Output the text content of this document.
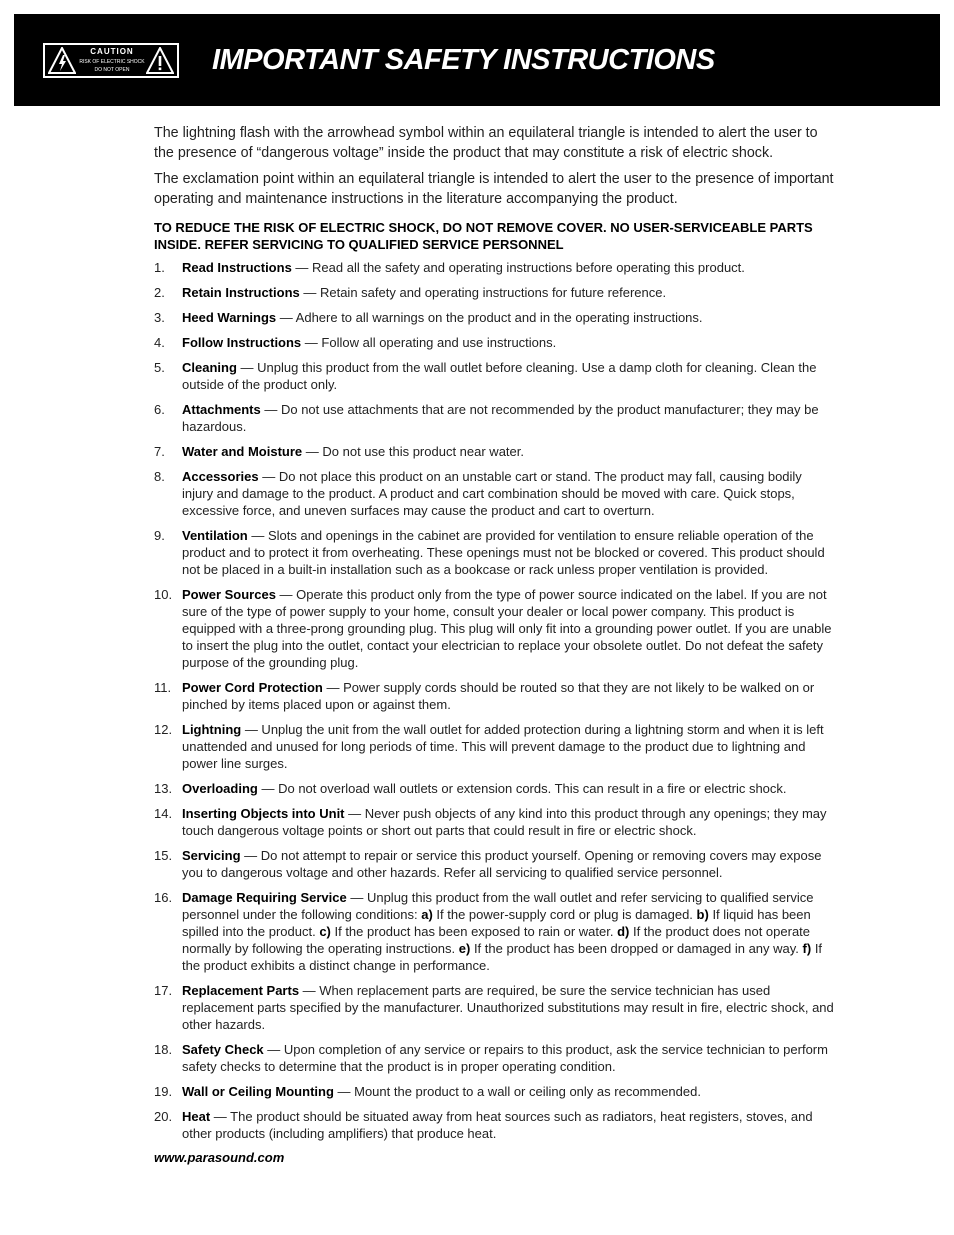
CAUTION
RISK OF ELECTRIC SHOCK
DO NOT OPEN	IMPORTANT SAFETY INSTRUCTIONS

The lightning flash with the arrowhead symbol within an equilateral triangle is intended to alert the user to the presence of “dangerous voltage” inside the product that may constitute a risk of electric shock.

The exclamation point within an equilateral triangle is intended to alert the user to the presence of important operating and maintenance instructions in the literature accompanying the product.

TO REDUCE THE RISK OF ELECTRIC SHOCK, DO NOT REMOVE COVER. NO USER-SERVICEABLE PARTS INSIDE. REFER SERVICING TO QUALIFIED SERVICE PERSONNEL

1. Read Instructions — Read all the safety and operating instructions before operating this product.
2. Retain Instructions — Retain safety and operating instructions for future reference.
3. Heed Warnings — Adhere to all warnings on the product and in the operating instructions.
4. Follow Instructions — Follow all operating and use instructions.
5. Cleaning — Unplug this product from the wall outlet before cleaning. Use a damp cloth for cleaning. Clean the outside of the product only.
6. Attachments — Do not use attachments that are not recommended by the product manufacturer; they may be hazardous.
7. Water and Moisture — Do not use this product near water.
8. Accessories — Do not place this product on an unstable cart or stand. The product may fall, causing bodily injury and damage to the product. A product and cart combination should be moved with care. Quick stops, excessive force, and uneven surfaces may cause the product and cart to overturn.
9. Ventilation — Slots and openings in the cabinet are provided for ventilation to ensure reliable operation of the product and to protect it from overheating. These openings must not be blocked or covered. This product should not be placed in a built-in installation such as a bookcase or rack unless proper ventilation is provided.
10. Power Sources — Operate this product only from the type of power source indicated on the label. If you are not sure of the type of power supply to your home, consult your dealer or local power company. This product is equipped with a three-prong grounding plug. This plug will only fit into a grounding power outlet. If you are unable to insert the plug into the outlet, contact your electrician to replace your obsolete outlet. Do not defeat the safety purpose of the grounding plug.
11. Power Cord Protection — Power supply cords should be routed so that they are not likely to be walked on or pinched by items placed upon or against them.
12. Lightning — Unplug the unit from the wall outlet for added protection during a lightning storm and when it is left unattended and unused for long periods of time. This will prevent damage to the product due to lightning and power line surges.
13. Overloading — Do not overload wall outlets or extension cords. This can result in a fire or electric shock.
14. Inserting Objects into Unit — Never push objects of any kind into this product through any openings; they may touch dangerous voltage points or short out parts that could result in fire or electric shock.
15. Servicing — Do not attempt to repair or service this product yourself. Opening or removing covers may expose you to dangerous voltage and other hazards. Refer all servicing to qualified service personnel.
16. Damage Requiring Service — Unplug this product from the wall outlet and refer servicing to qualified service personnel under the following conditions: a) If the power-supply cord or plug is damaged. b) If liquid has been spilled into the product. c) If the product has been exposed to rain or water. d) If the product does not operate normally by following the operating instructions. e) If the product has been dropped or damaged in any way. f) If the product exhibits a distinct change in performance.
17. Replacement Parts — When replacement parts are required, be sure the service technician has used replacement parts specified by the manufacturer. Unauthorized substitutions may result in fire, electric shock, and other hazards.
18. Safety Check — Upon completion of any service or repairs to this product, ask the service technician to perform safety checks to determine that the product is in proper operating condition.
19. Wall or Ceiling Mounting — Mount the product to a wall or ceiling only as recommended.
20. Heat — The product should be situated away from heat sources such as radiators, heat registers, stoves, and other products (including amplifiers) that produce heat.
www.parasound.com
